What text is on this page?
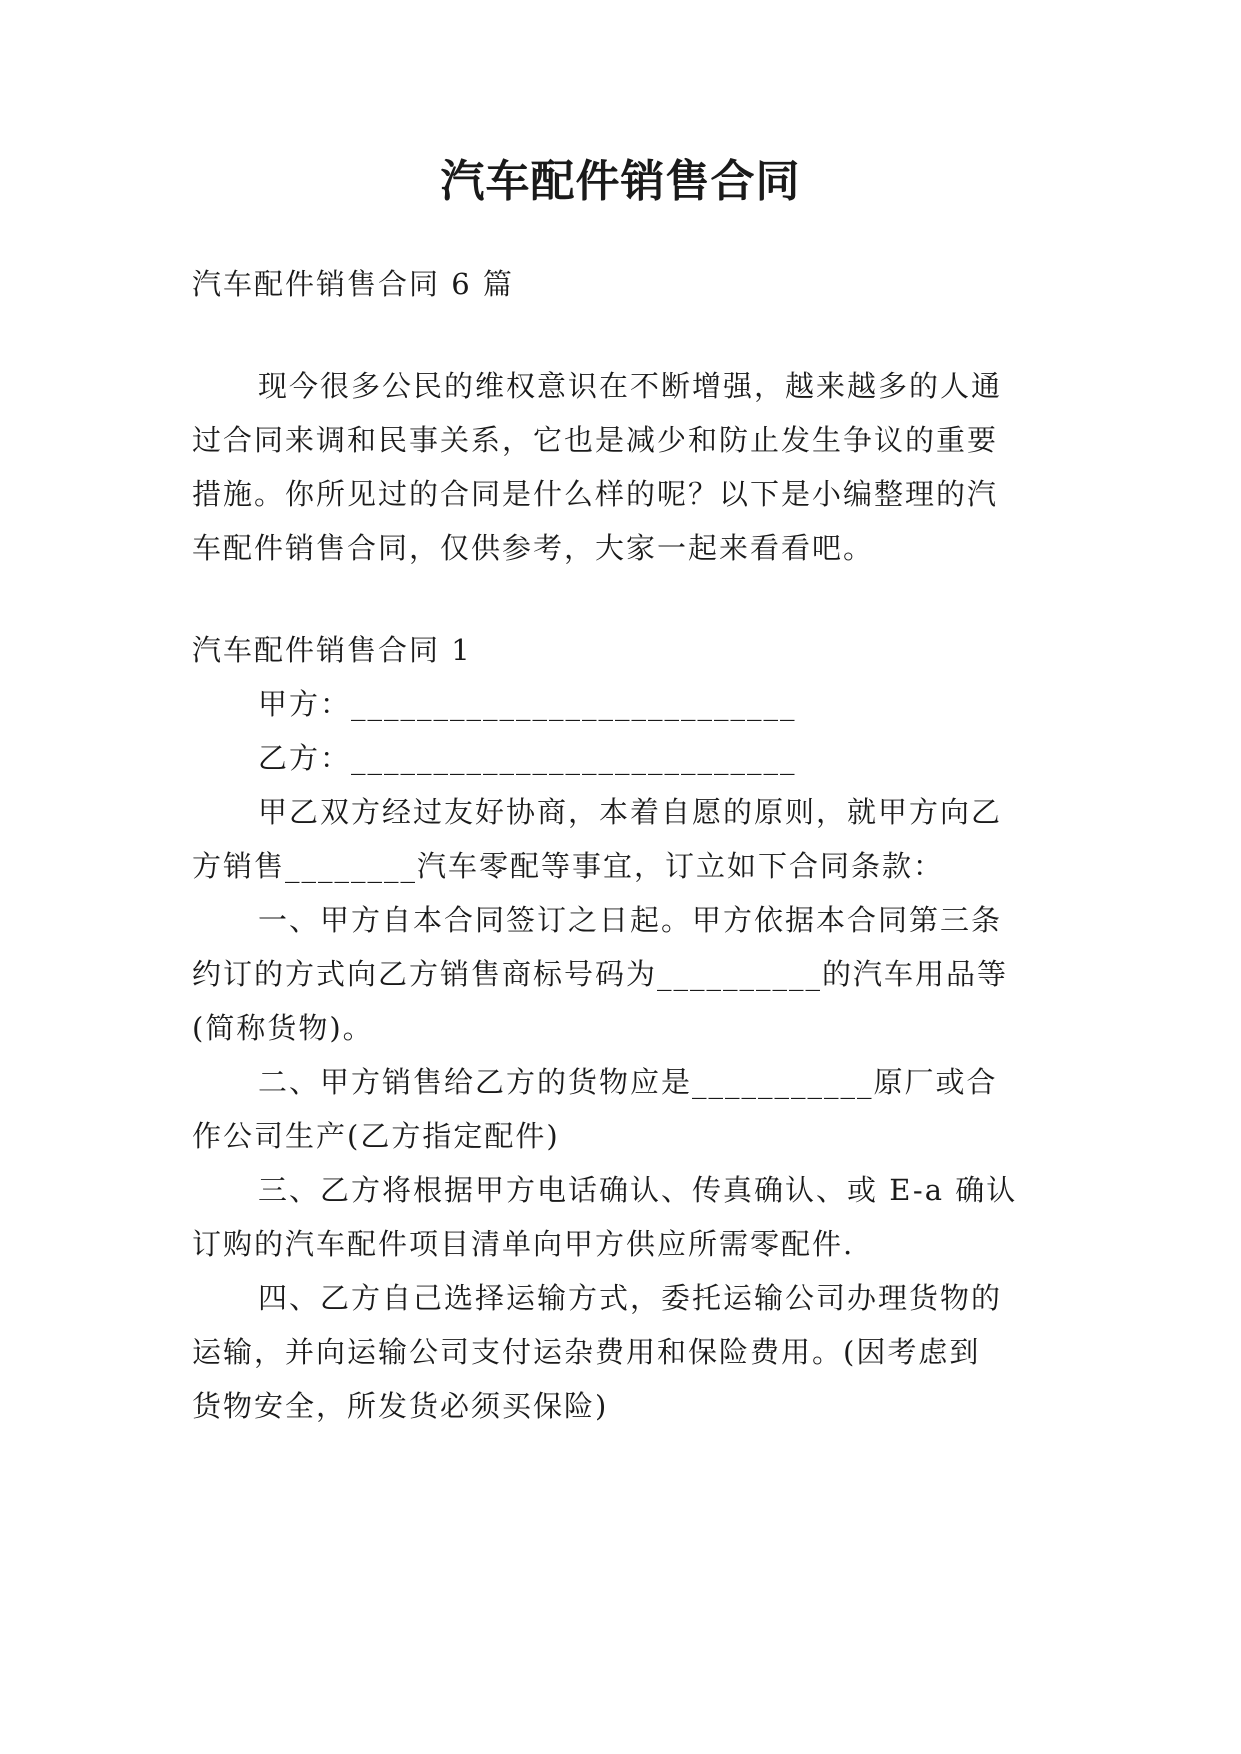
汽车配件销售合同
汽车配件销售合同 6 篇
现今很多公民的维权意识在不断增强，越来越多的人通
过合同来调和民事关系，它也是减少和防止发生争议的重要
措施。你所见过的合同是什么样的呢？以下是小编整理的汽
车配件销售合同，仅供参考，大家一起来看看吧。
汽车配件销售合同 1
甲方：___________________________
乙方：___________________________
甲乙双方经过友好协商，本着自愿的原则，就甲方向乙
方销售________汽车零配等事宜，订立如下合同条款：
一、甲方自本合同签订之日起。甲方依据本合同第三条
约订的方式向乙方销售商标号码为__________的汽车用品等
(简称货物)。
二、甲方销售给乙方的货物应是___________原厂或合
作公司生产(乙方指定配件)
三、乙方将根据甲方电话确认、传真确认、或 E-a 确认
订购的汽车配件项目清单向甲方供应所需零配件.
四、乙方自己选择运输方式，委托运输公司办理货物的
运输，并向运输公司支付运杂费用和保险费用。(因考虑到
货物安全，所发货必须买保险)
